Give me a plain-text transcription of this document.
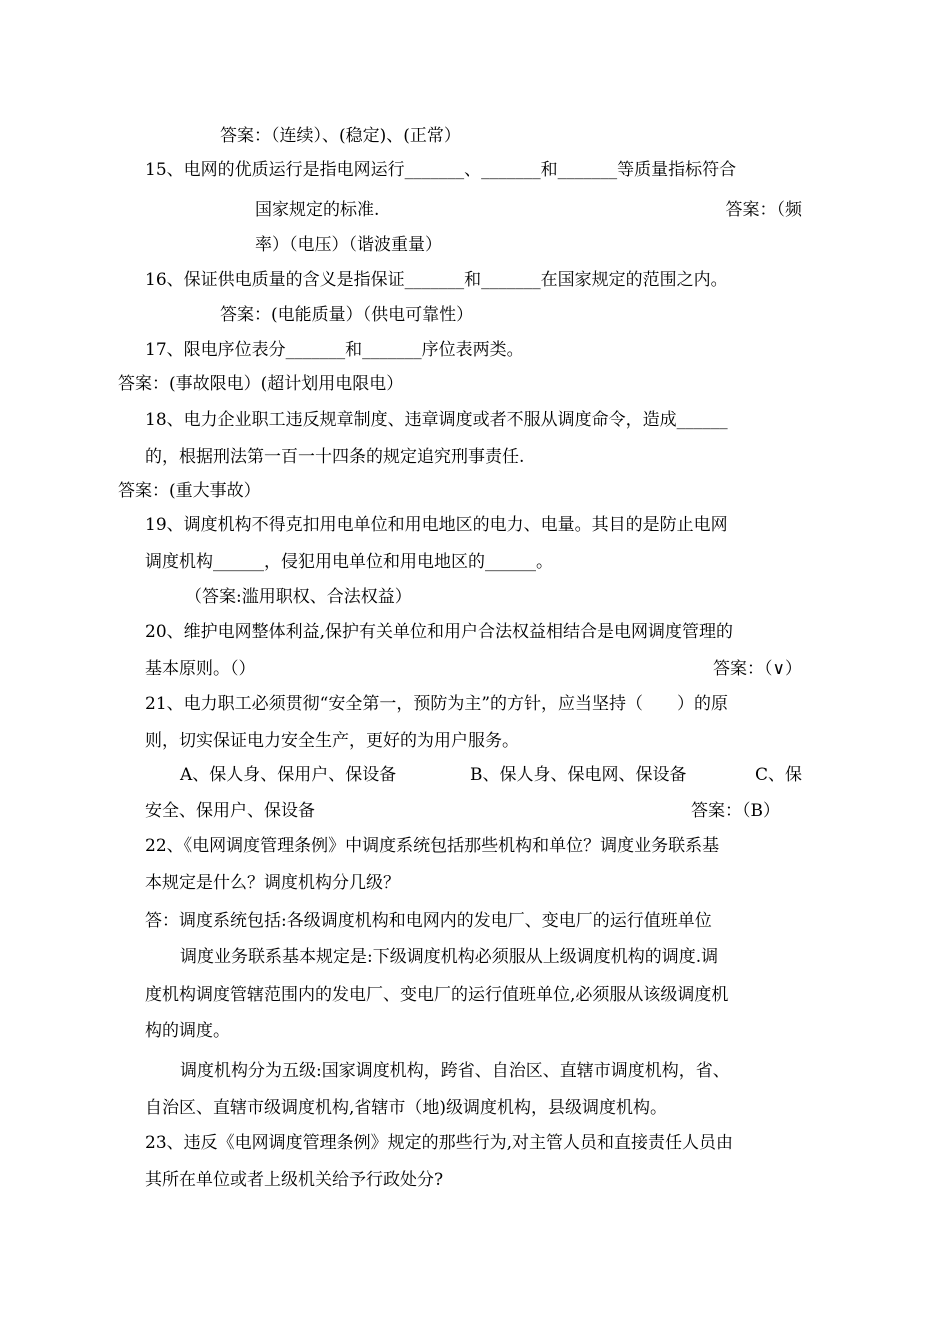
答案：（连续）、(稳定)、(正常）
15、电网的优质运行是指电网运行_______、_______和_______等质量指标符合
国家规定的标准.	答案：（频
率）（电压）（谐波重量）
16、保证供电质量的含义是指保证_______和_______在国家规定的范围之内。
答案：(电能质量）（供电可靠性）
17、限电序位表分_______和_______序位表两类。
答案：(事故限电）(超计划用电限电）
18、电力企业职工违反规章制度、违章调度或者不服从调度命令，造成______
的，根据刑法第一百一十四条的规定追究刑事责任.
答案：(重大事故）
19、调度机构不得克扣用电单位和用电地区的电力、电量。其目的是防止电网
调度机构______，侵犯用电单位和用电地区的______。
（答案:滥用职权、合法权益）
20、维护电网整体利益,保护有关单位和用户合法权益相结合是电网调度管理的
基本原则。（）	答案：（∨）
21、电力职工必须贯彻“安全第一，预防为主”的方针，应当坚持（　　）的原
则，切实保证电力安全生产，更好的为用户服务。
A、保人身、保用户、保设备	B、保人身、保电网、保设备	C、保
安全、保用户、保设备	答案：（B）
22、《电网调度管理条例》中调度系统包括那些机构和单位？调度业务联系基
本规定是什么？调度机构分几级？
答：调度系统包括:各级调度机构和电网内的发电厂、变电厂的运行值班单位
调度业务联系基本规定是:下级调度机构必须服从上级调度机构的调度.调
度机构调度管辖范围内的发电厂、变电厂的运行值班单位,必须服从该级调度机
构的调度。
调度机构分为五级:国家调度机构，跨省、自治区、直辖市调度机构，省、
自治区、直辖市级调度机构,省辖市（地)级调度机构，县级调度机构。
23、违反《电网调度管理条例》规定的那些行为,对主管人员和直接责任人员由
其所在单位或者上级机关给予行政处分?
